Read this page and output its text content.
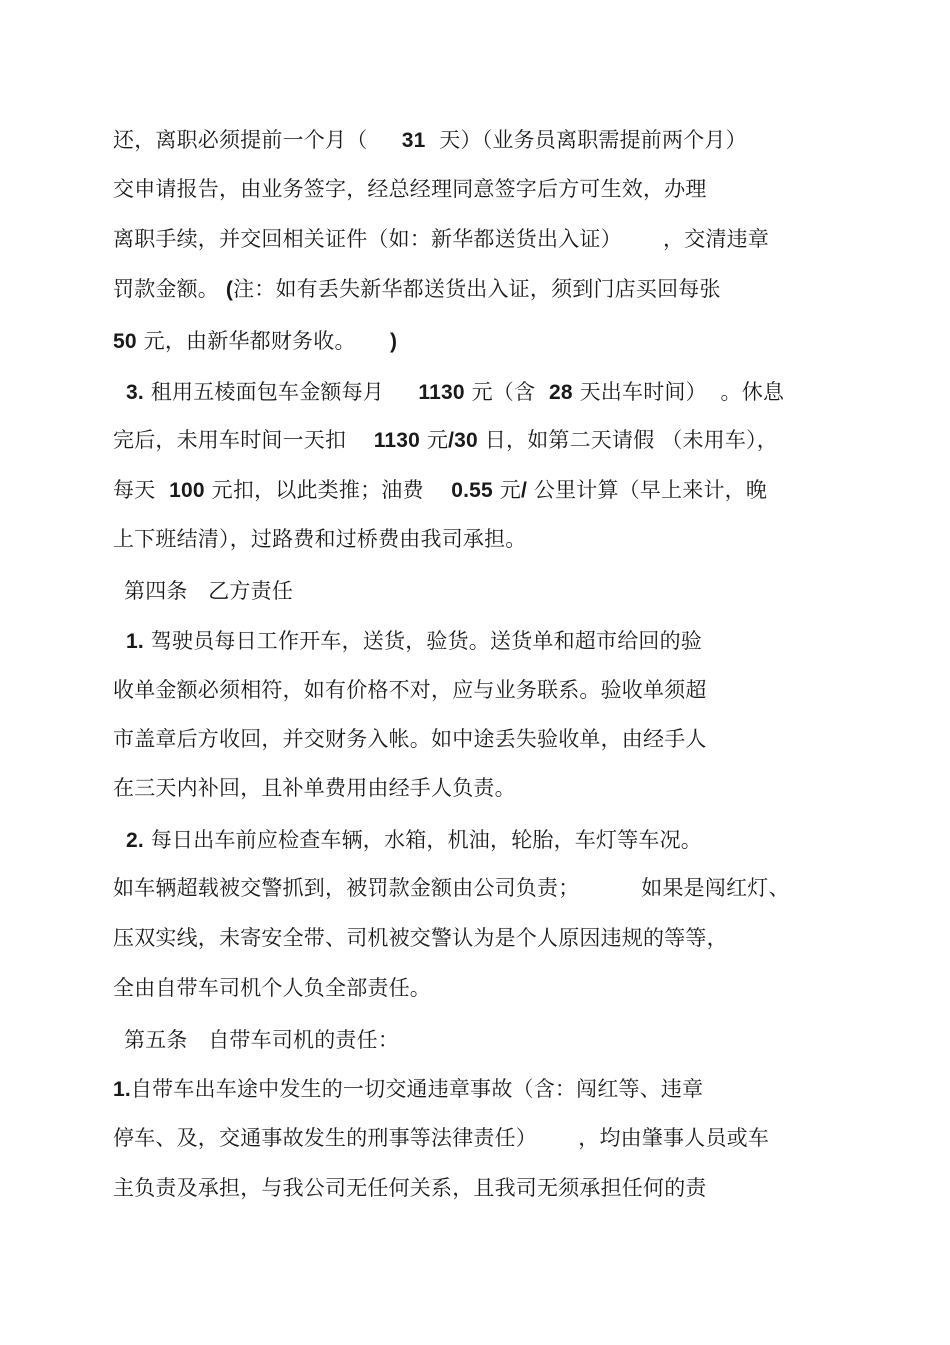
还，离职必须提前一个月（     31  天）（业务员离职需提前两个月）
交申请报告，由业务签字，经总经理同意签字后方可生效，办理
离职手续，并交回相关证件（如：新华都送货出入证）      ，交清违章
罚款金额。 (注：如有丢失新华都送货出入证，须到门店买回每张
50 元，由新华都财务收。     )
3. 租用五棱面包车金额每月     1130 元（含  28 天出车时间）  。休息
完后，未用车时间一天扣    1130 元/30 日，如第二天请假 （未用车），
每天  100 元扣，以此类推；油费    0.55 元/ 公里计算（早上来计，晚
上下班结清），过路费和过桥费由我司承担。
第四条   乙方责任
1. 驾驶员每日工作开车，送货，验货。送货单和超市给回的验
收单金额必须相符，如有价格不对，应与业务联系。验收单须超
市盖章后方收回，并交财务入帐。如中途丢失验收单，由经手人
在三天内补回，且补单费用由经手人负责。
2. 每日出车前应检查车辆，水箱，机油，轮胎，车灯等车况。
如车辆超载被交警抓到，被罚款金额由公司负责；         如果是闯红灯、
压双实线，未寄安全带、司机被交警认为是个人原因违规的等等，
全由自带车司机个人负全部责任。
第五条   自带车司机的责任：
1.自带车出车途中发生的一切交通违章事故（含：闯红等、违章
停车、及，交通事故发生的刑事等法律责任）      ，均由肇事人员或车
主负责及承担，与我公司无任何关系，且我司无须承担任何的责
